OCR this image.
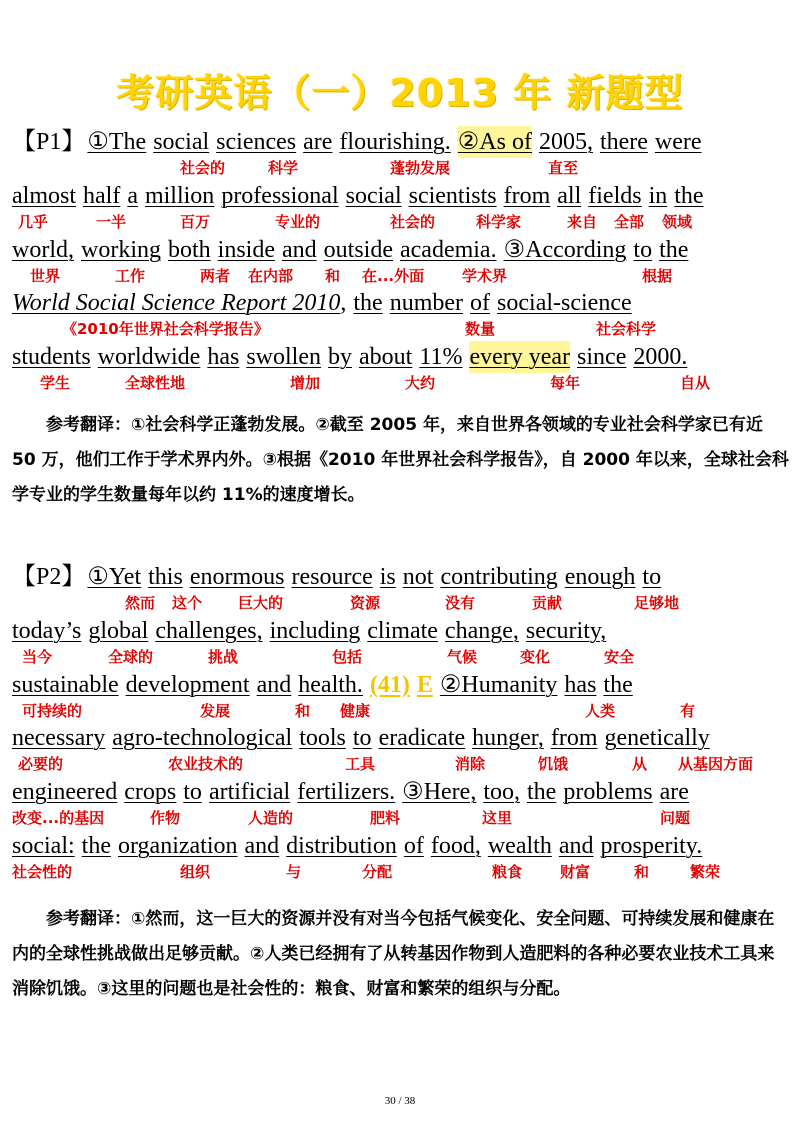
考研英语（一）2013 年 新题型
【P1】①The social sciences are flourishing. ②As of 2005, there were
社会的	科学	蓬勃发展	直至
almost half a million professional social scientists from all fields in the
几乎	一半	百万	专业的	社会的	科学家	来自 全部 领域
world, working both inside and outside academia. ③According to the
世界	工作	两者 在内部 和 在...外面	学术界	根据
World Social Science Report 2010, the number of social-science
《2010年世界社会科学报告》	数量	社会科学
students worldwide has swollen by about 11% every year since 2000.
学生	全球性地	增加	大约	每年	自从
参考翻译：①社会科学正蓬勃发展。②截至 2005 年，来自世界各领域的专业社会科学家已有近 50 万，他们工作于学术界内外。③根据《2010 年世界社会科学报告》，自 2000 年以来，全球社会科学专业的学生数量每年以约 11%的速度增长。
【P2】①Yet this enormous resource is not contributing enough to
然而 这个 巨大的	资源	没有	贡献	足够地
today’s global challenges, including climate change, security,
当今	全球的	挑战	包括	气候	变化	安全
sustainable development and health. (41)E②Humanity has the
可持续的	发展	和 健康	人类	有
necessary agro-technological tools to eradicate hunger, from genetically
必要的	农业技术的	工具	消除	饥饿	从 从基因方面
engineered crops to artificial fertilizers. ③Here, too, the problems are
改变...的基因	作物	人造的	肥料	这里	问题
social: the organization and distribution of food, wealth and prosperity.
社会性的	组织	与	分配	粮食	财富	和	繁荣
参考翻译：①然而，这一巨大的资源并没有对当今包括气候变化、安全问题、可持续发展和健康在内的全球性挑战做出足够贡献。②人类已经拥有了从转基因作物到人造肥料的各种必要农业技术工具来消除饥饿。③这里的问题也是社会性的：粮食、财富和繁荣的组织与分配。
30 / 38
